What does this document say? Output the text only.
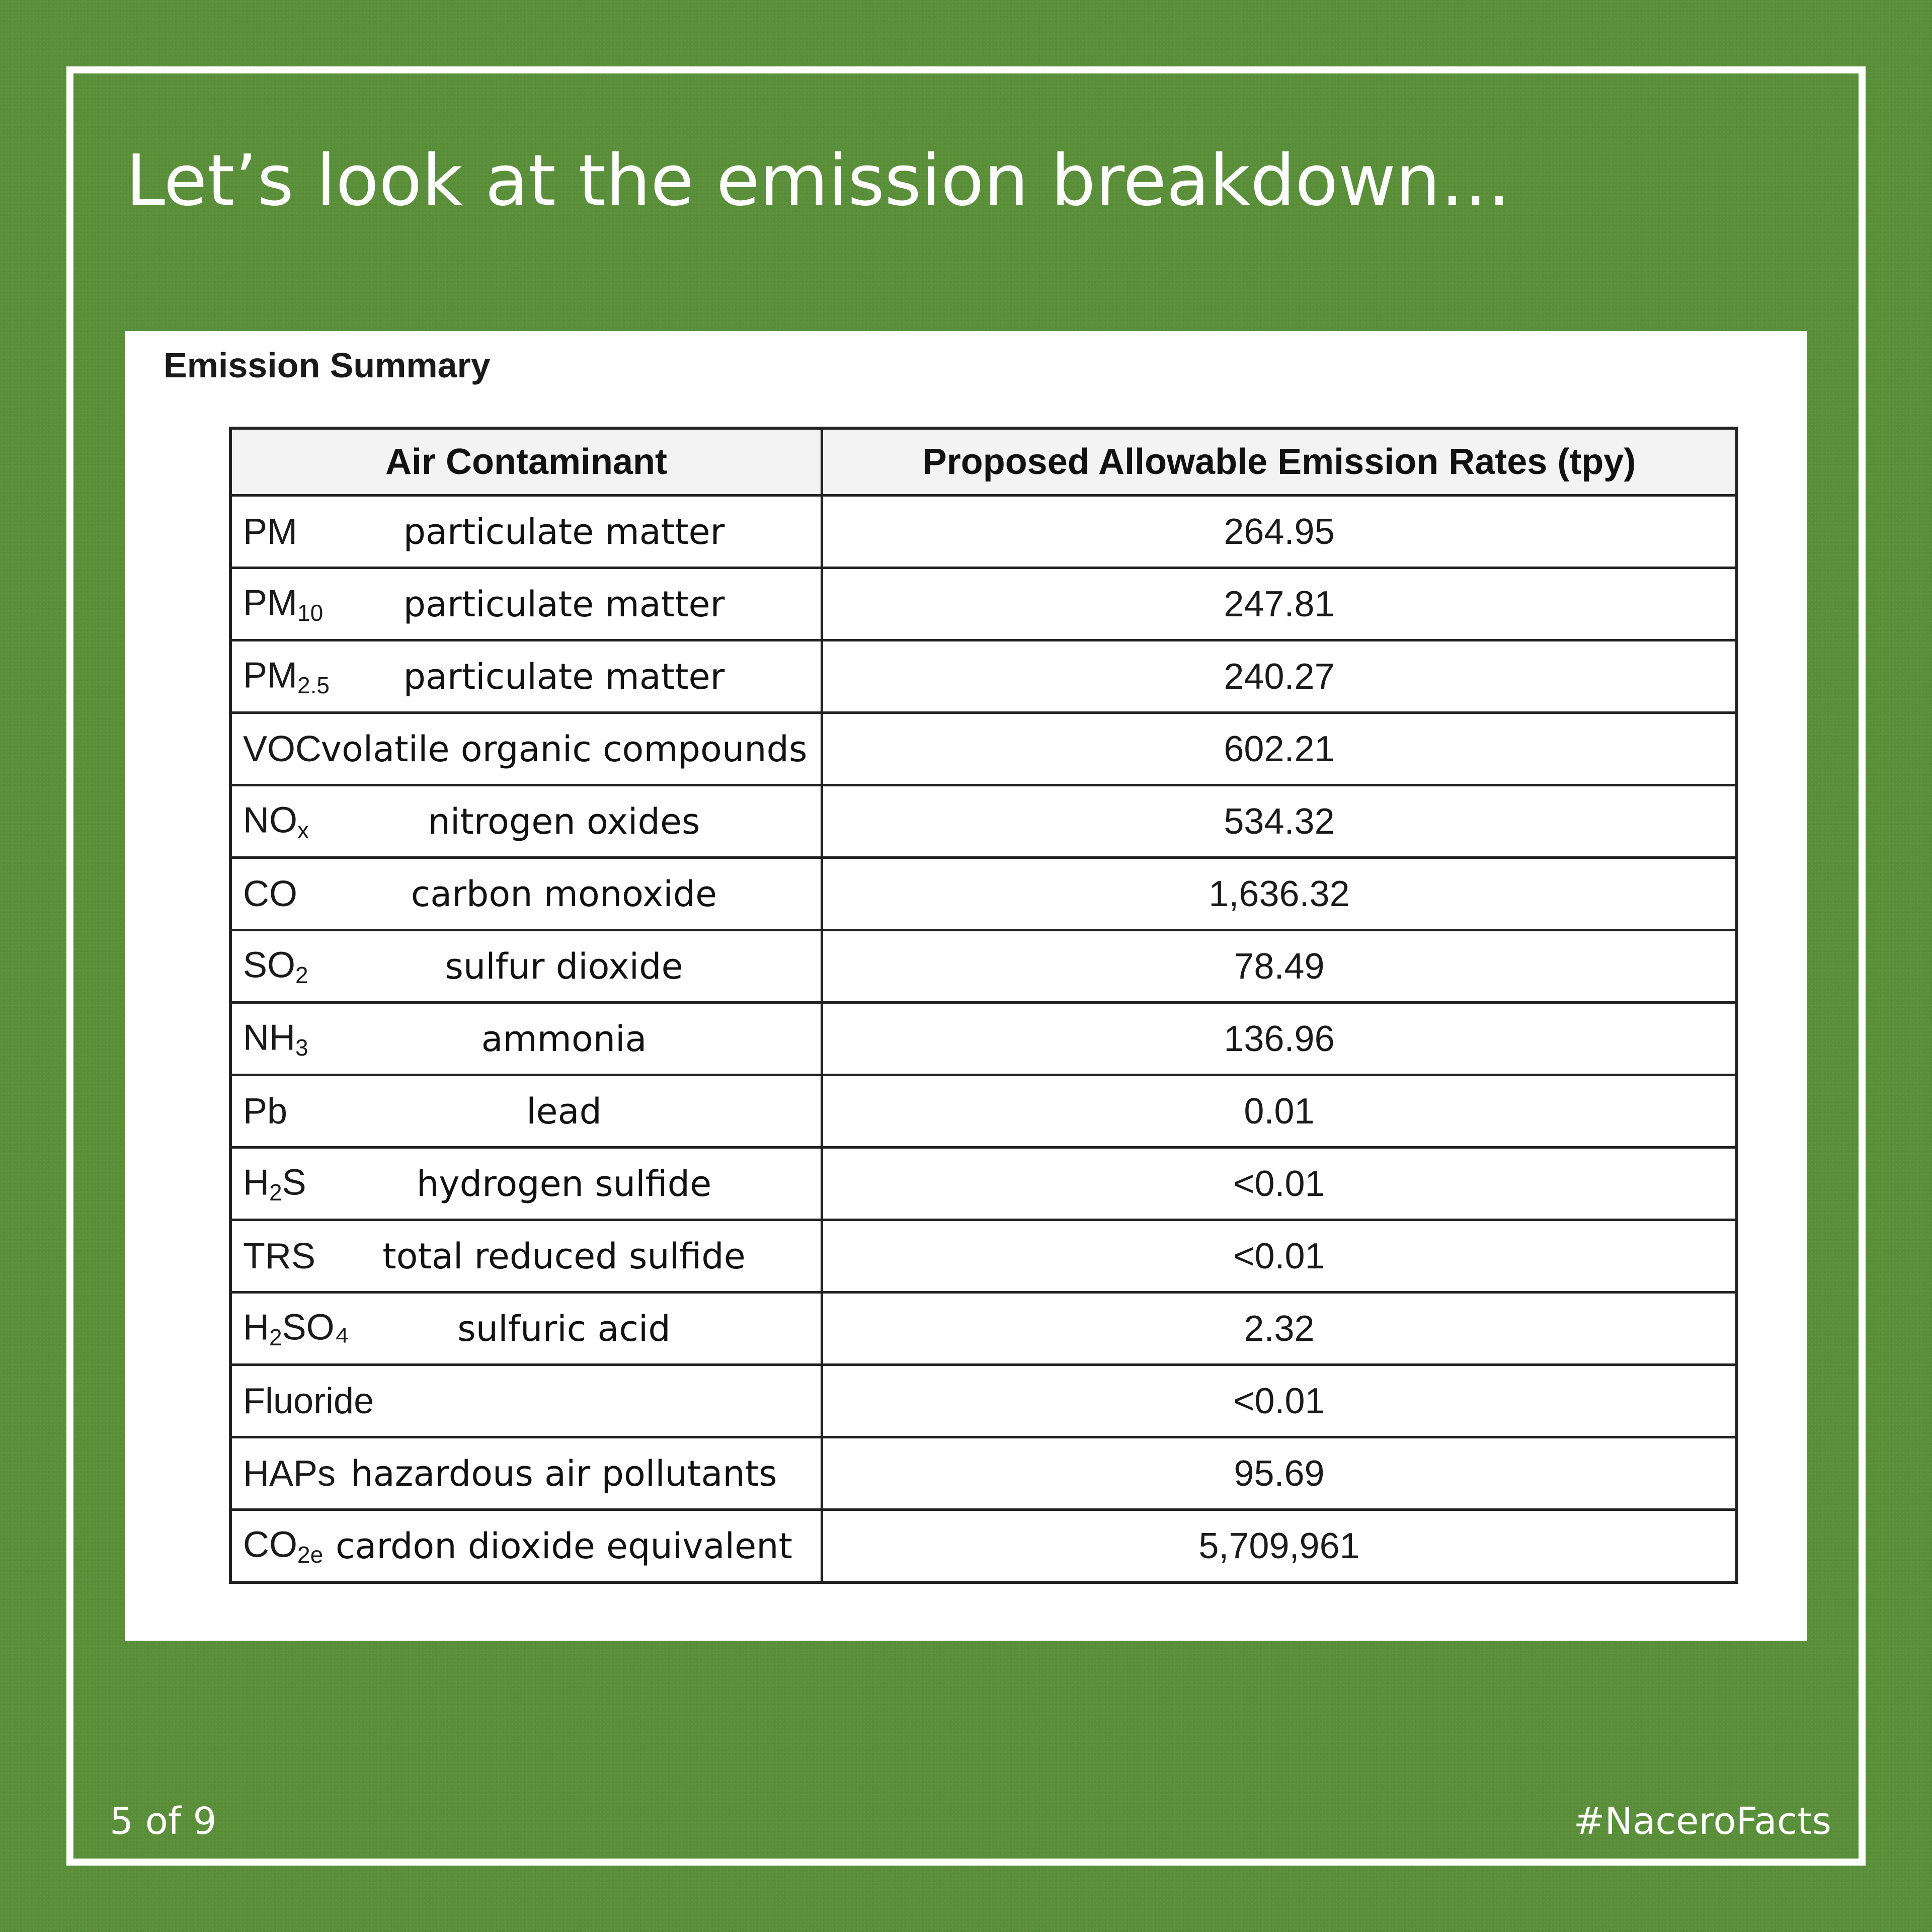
Let’s look at the emission breakdown…
Emission Summary
Air Contaminant	Proposed Allowable Emission Rates (tpy)

PM particulate matter	264.95

$PM_{10}$ particulate matter	247.81

$PM_{2.5}$ particulate matter	240.27

VOC
volatile organic compounds	602.21

$NO_x$ nitrogen oxides	534.32

CO carbon monoxide	1,636.32

$SO_2$ sulfur dioxide	78.49

$NH_3$ ammonia	136.96

Pb lead	0.01

$H_2S$ hydrogen sulfide	<0.01

TRS total reduced sulfide	<0.01

$H_2SO_4$ sulfuric acid	2.32

Fluoride	<0.01

HAPs hazardous air pollutants	95.69

$CO_{2e}$ cardon dioxide equivalent	5,709,961

5 of 9	#NaceroFacts
